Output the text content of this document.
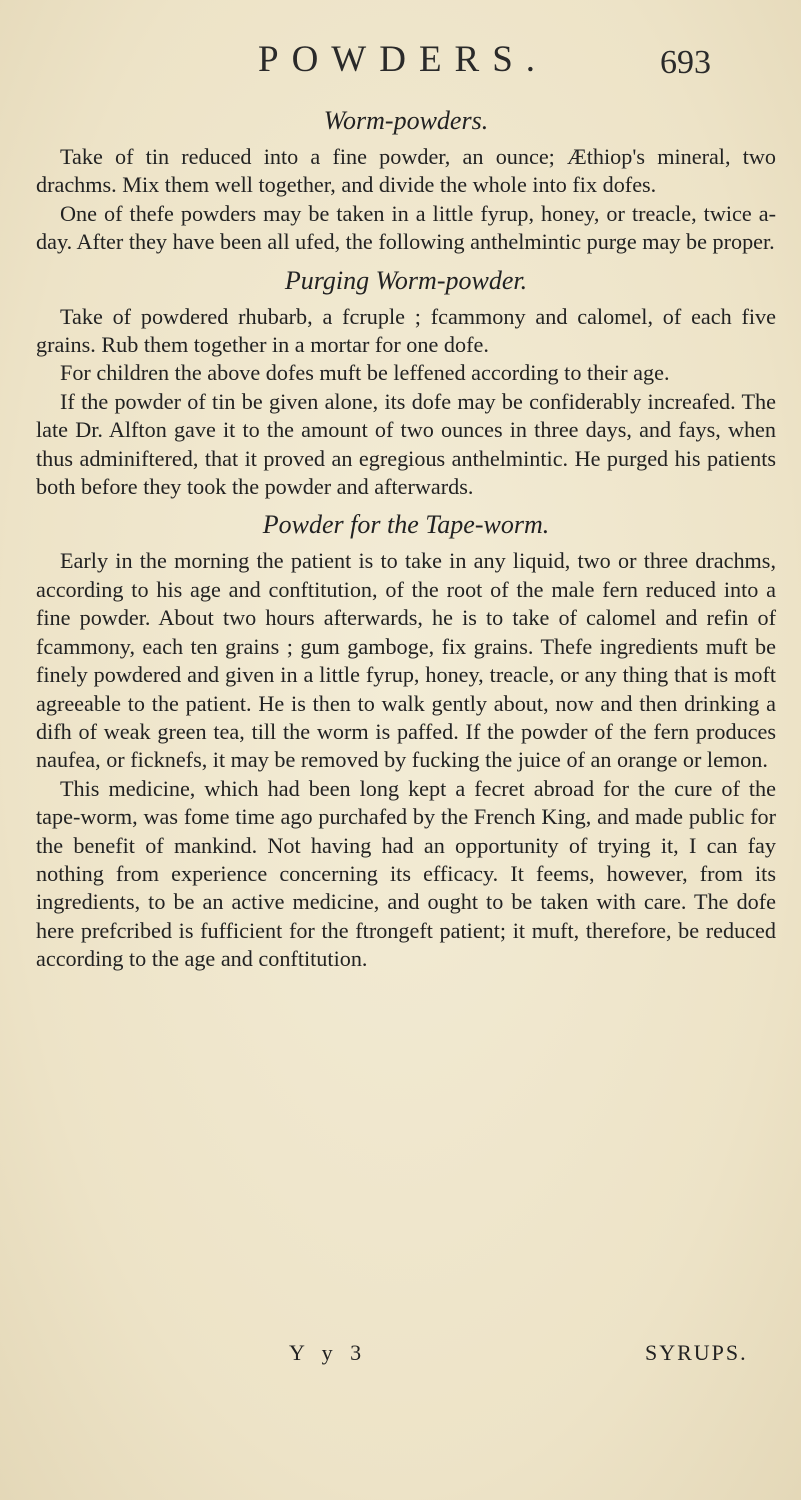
POWDERS.	693
Worm-powders.

Take of tin reduced into a fine powder, an ounce; Æthiop's mineral, two drachms. Mix them well together, and divide the whole into fix dofes.

One of thefe powders may be taken in a little fyrup, honey, or treacle, twice a-day. After they have been all ufed, the following anthelmintic purge may be proper.

Purging Worm-powder.

Take of powdered rhubarb, a fcruple ; fcammony and calomel, of each five grains. Rub them together in a mortar for one dofe.

For children the above dofes muft be leffened according to their age.

If the powder of tin be given alone, its dofe may be confiderably increafed. The late Dr. Alfton gave it to the amount of two ounces in three days, and fays, when thus adminiftered, that it proved an egregious anthelmintic. He purged his patients both before they took the powder and afterwards.

Powder for the Tape-worm.

Early in the morning the patient is to take in any liquid, two or three drachms, according to his age and conftitution, of the root of the male fern reduced into a fine powder. About two hours afterwards, he is to take of calomel and refin of fcammony, each ten grains ; gum gamboge, fix grains. Thefe ingredients muft be finely powdered and given in a little fyrup, honey, treacle, or any thing that is moft agreeable to the patient. He is then to walk gently about, now and then drinking a difh of weak green tea, till the worm is paffed. If the powder of the fern produces naufea, or ficknefs, it may be removed by fucking the juice of an orange or lemon.

This medicine, which had been long kept a fecret abroad for the cure of the tape-worm, was fome time ago purchafed by the French King, and made public for the benefit of mankind. Not having had an opportunity of trying it, I can fay nothing from experience concerning its efficacy. It feems, however, from its ingredients, to be an active medicine, and ought to be taken with care. The dofe here prefcribed is fufficient for the ftrongeft patient; it muft, therefore, be reduced according to the age and conftitution.

Y y 3	SYRUPS.
